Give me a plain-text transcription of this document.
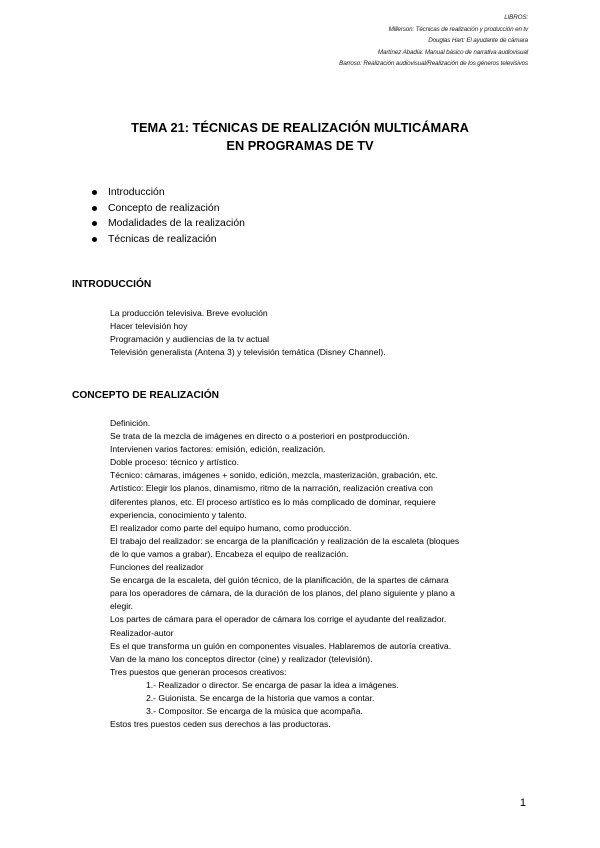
LIBROS:
Millerson: Técnicas de realización y producción en tv
Douglas Hart: El ayudante de cámara
Martínez Abadía: Manual básico de narrativa audiovisual
Barroso: Realización audiovisual/Realización de los géneros televisivos
TEMA 21: TÉCNICAS DE REALIZACIÓN MULTICÁMARA
EN PROGRAMAS DE TV
Introducción
Concepto de realización
Modalidades de la realización
Técnicas de realización
INTRODUCCIÓN
La producción televisiva. Breve evolución
Hacer televisión hoy
Programación y audiencias de la tv actual
Televisión generalista (Antena 3) y televisión temática (Disney Channel).
CONCEPTO DE REALIZACIÓN
Definición.
Se trata de la mezcla de imágenes en directo o a posteriori en postproducción.
Intervienen varios factores: emisión, edición, realización.
Doble proceso: técnico y artístico.
Técnico: cámaras, imágenes + sonido, edición, mezcla, masterización, grabación, etc.
Artístico: Elegir los planos, dinamismo, ritmo de la narración, realización creativa con
diferentes planos, etc. El proceso artístico es lo más complicado de dominar, requiere
experiencia, conocimiento y talento.
El realizador como parte del equipo humano, como producción.
El trabajo del realizador: se encarga de la planificación y realización de la escaleta (bloques
de lo que vamos a grabar). Encabeza el equipo de realización.
Funciones del realizador
Se encarga de la escaleta, del guión técnico, de la planificación, de la spartes de cámara
para los operadores de cámara, de la duración de los planos, del plano siguiente y plano a
elegir.
Los partes de cámara para el operador de cámara los corrige el ayudante del realizador.
Realizador-autor
Es el que transforma un guión en componentes visuales. Hablaremos de autoría creativa.
Van de la mano los conceptos director (cine) y realizador (televisión).
Tres puestos que generan procesos creativos:
1.- Realizador o director. Se encarga de pasar la idea a imágenes.
2.- Guionista. Se encarga de la historia que vamos a contar.
3.- Compositor. Se encarga de la música que acompaña.
Estos tres puestos ceden sus derechos a las productoras.
1
